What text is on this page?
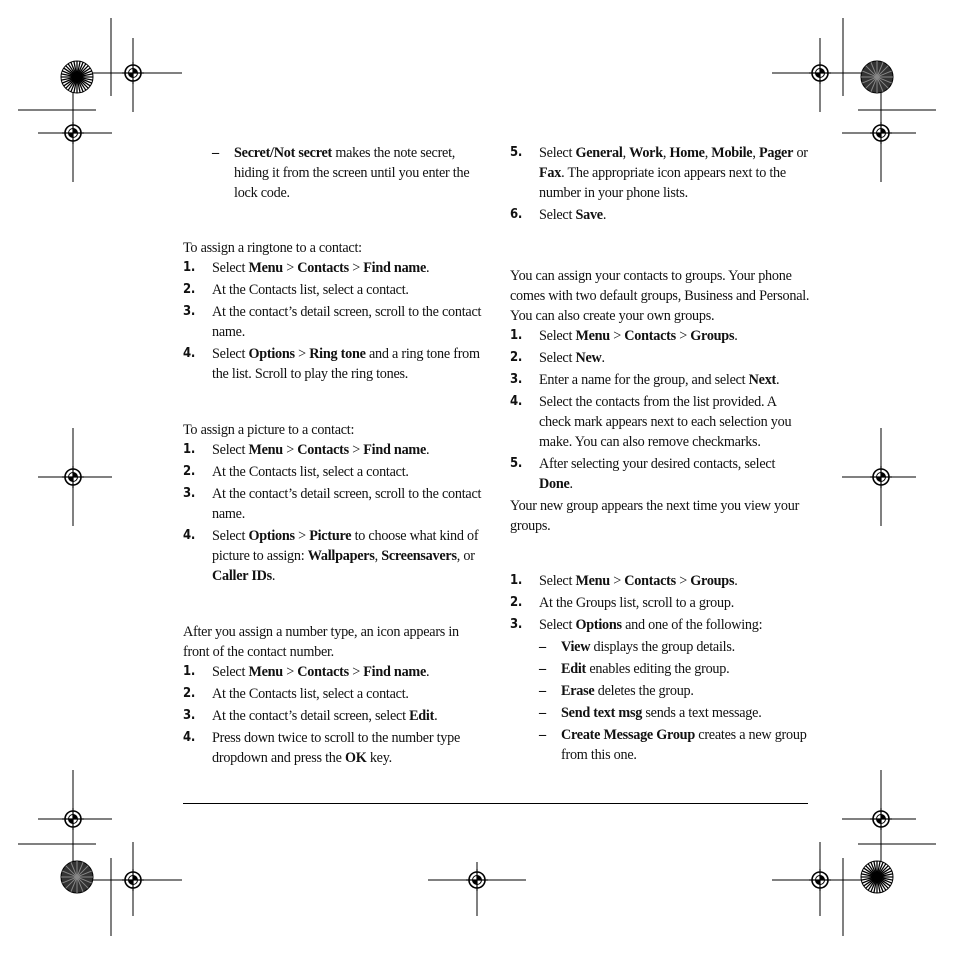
– Secret/Not secret makes the note secret, hiding it from the screen until you enter the lock code.

To assign a ringtone to a contact:

1. Select Menu > Contacts > Find name.
2. At the Contacts list, select a contact.
3. At the contact’s detail screen, scroll to the contact name.
4. Select Options > Ring tone and a ring tone from the list. Scroll to play the ring tones.

To assign a picture to a contact:

1. Select Menu > Contacts > Find name.
2. At the Contacts list, select a contact.
3. At the contact’s detail screen, scroll to the contact name.
4. Select Options > Picture to choose what kind of picture to assign: Wallpapers, Screensavers, or Caller IDs.

After you assign a number type, an icon appears in front of the contact number.

1. Select Menu > Contacts > Find name.
2. At the Contacts list, select a contact.
3. At the contact’s detail screen, select Edit.
4. Press down twice to scroll to the number type dropdown and press the OK key.
5. Select General, Work, Home, Mobile, Pager or Fax. The appropriate icon appears next to the number in your phone lists.
6. Select Save.

You can assign your contacts to groups. Your phone comes with two default groups, Business and Personal. You can also create your own groups.

1. Select Menu > Contacts > Groups.
2. Select New.
3. Enter a name for the group, and select Next.
4. Select the contacts from the list provided. A check mark appears next to each selection you make. You can also remove checkmarks.
5. After selecting your desired contacts, select Done.

Your new group appears the next time you view your groups.

1. Select Menu > Contacts > Groups.
2. At the Groups list, scroll to a group.
3. Select Options and one of the following:
– View displays the group details.
– Edit enables editing the group.
– Erase deletes the group.
– Send text msg sends a text message.
– Create Message Group creates a new group from this one.
